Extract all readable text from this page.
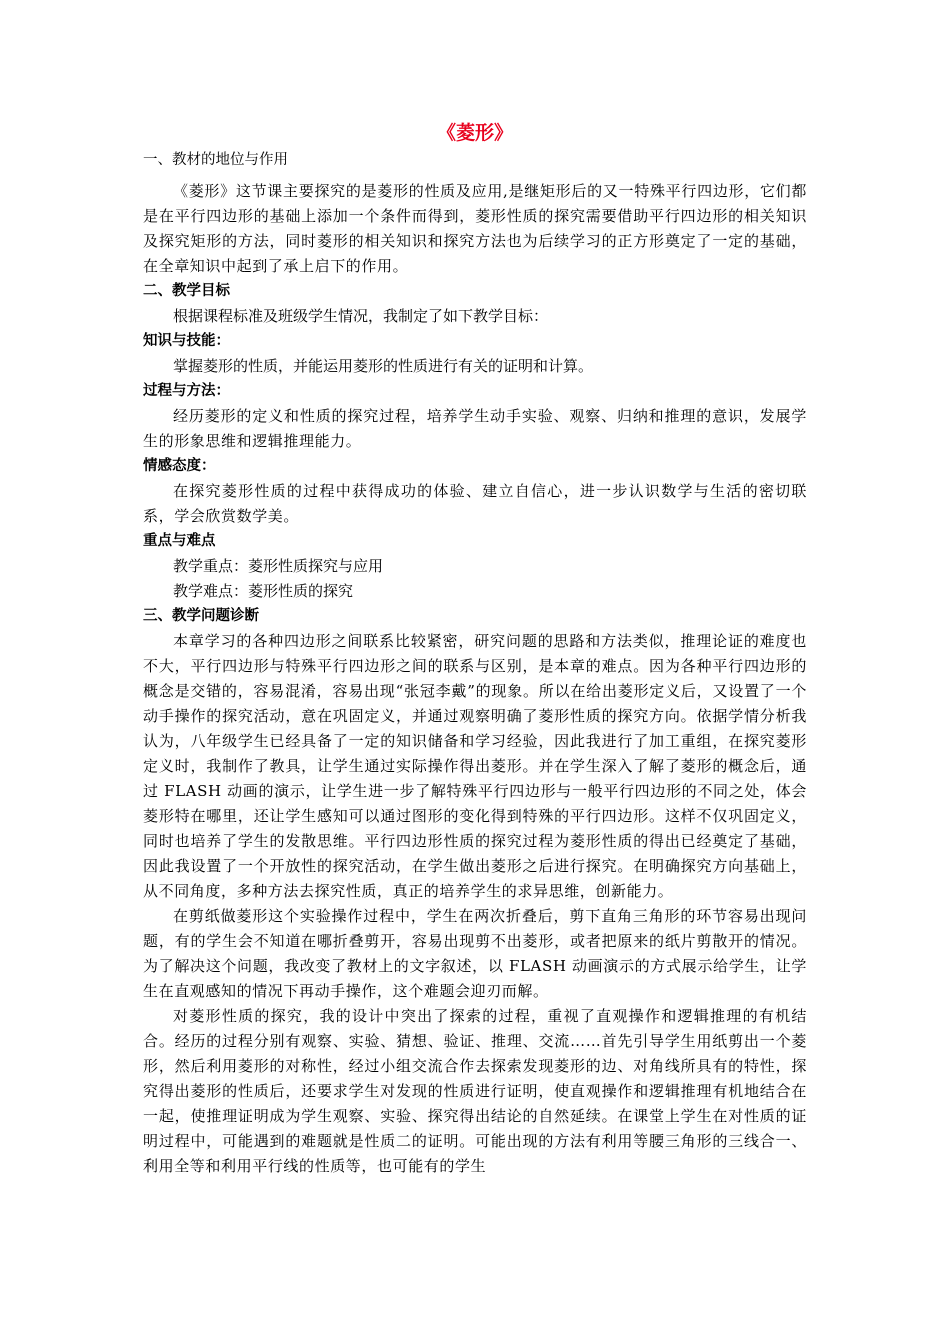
《菱形》
一、教材的地位与作用

《菱形》这节课主要探究的是菱形的性质及应用,是继矩形后的又一特殊平行四边形，它们都是在平行四边形的基础上添加一个条件而得到，菱形性质的探究需要借助平行四边形的相关知识及探究矩形的方法，同时菱形的相关知识和探究方法也为后续学习的正方形奠定了一定的基础，在全章知识中起到了承上启下的作用。

二、教学目标
根据课程标准及班级学生情况，我制定了如下教学目标：
知识与技能：
掌握菱形的性质，并能运用菱形的性质进行有关的证明和计算。
过程与方法：

经历菱形的定义和性质的探究过程，培养学生动手实验、观察、归纳和推理的意识，发展学生的形象思维和逻辑推理能力。

情感态度：

在探究菱形性质的过程中获得成功的体验、建立自信心，进一步认识数学与生活的密切联系，学会欣赏数学美。

重点与难点
教学重点：菱形性质探究与应用
教学难点：菱形性质的探究
三、教学问题诊断

本章学习的各种四边形之间联系比较紧密，研究问题的思路和方法类似，推理论证的难度也不大，平行四边形与特殊平行四边形之间的联系与区别，是本章的难点。因为各种平行四边形的概念是交错的，容易混淆，容易出现“张冠李戴”的现象。所以在给出菱形定义后，又设置了一个动手操作的探究活动，意在巩固定义，并通过观察明确了菱形性质的探究方向。依据学情分析我认为，八年级学生已经具备了一定的知识储备和学习经验，因此我进行了加工重组，在探究菱形定义时，我制作了教具，让学生通过实际操作得出菱形。并在学生深入了解了菱形的概念后，通过 FLASH 动画的演示，让学生进一步了解特殊平行四边形与一般平行四边形的不同之处，体会菱形特在哪里，还让学生感知可以通过图形的变化得到特殊的平行四边形。这样不仅巩固定义，同时也培养了学生的发散思维。平行四边形性质的探究过程为菱形性质的得出已经奠定了基础，因此我设置了一个开放性的探究活动，在学生做出菱形之后进行探究。在明确探究方向基础上，从不同角度，多种方法去探究性质，真正的培养学生的求异思维，创新能力。

在剪纸做菱形这个实验操作过程中，学生在两次折叠后，剪下直角三角形的环节容易出现问题，有的学生会不知道在哪折叠剪开，容易出现剪不出菱形，或者把原来的纸片剪散开的情况。为了解决这个问题，我改变了教材上的文字叙述，以 FLASH 动画演示的方式展示给学生，让学生在直观感知的情况下再动手操作，这个难题会迎刃而解。

对菱形性质的探究，我的设计中突出了探索的过程，重视了直观操作和逻辑推理的有机结合。经历的过程分别有观察、实验、猜想、验证、推理、交流……首先引导学生用纸剪出一个菱形，然后利用菱形的对称性，经过小组交流合作去探索发现菱形的边、对角线所具有的特性，探究得出菱形的性质后，还要求学生对发现的性质进行证明，使直观操作和逻辑推理有机地结合在一起，使推理证明成为学生观察、实验、探究得出结论的自然延续。在课堂上学生在对性质的证明过程中，可能遇到的难题就是性质二的证明。可能出现的方法有利用等腰三角形的三线合一、利用全等和利用平行线的性质等，也可能有的学生
